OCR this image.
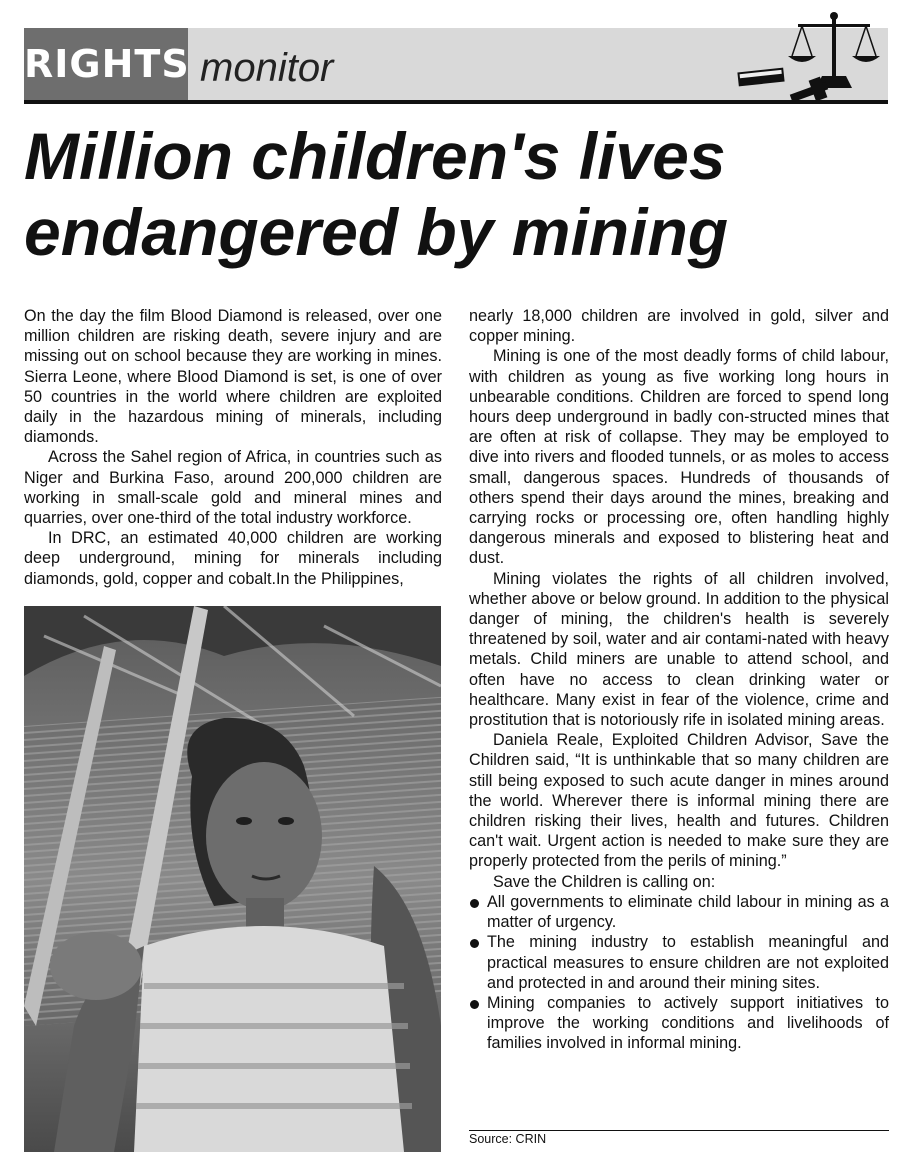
RIGHTS monitor
Million children's lives
endangered by mining

On the day the film Blood Diamond is released, over one million children are risking death, severe injury and are missing out on school because they are working in mines. Sierra Leone, where Blood Diamond is set, is one of over 50 countries in the world where children are exploited daily in the hazardous mining of minerals, including diamonds.

Across the Sahel region of Africa, in countries such as Niger and Burkina Faso, around 200,000 children are working in small-scale gold and mineral mines and quarries, over one-third of the total industry workforce.

In DRC, an estimated 40,000 children are working deep underground, mining for minerals including diamonds, gold, copper and cobalt.In the Philippines,

nearly 18,000 children are involved in gold, silver and copper mining.

Mining is one of the most deadly forms of child labour, with children as young as five working long hours in unbearable conditions. Children are forced to spend long hours deep underground in badly con-structed mines that are often at risk of collapse. They may be employed to dive into rivers and flooded tunnels, or as moles to access small, dangerous spaces. Hundreds of thousands of others spend their days around the mines, breaking and carrying rocks or processing ore, often handling highly dangerous minerals and exposed to blistering heat and dust.

Mining violates the rights of all children involved, whether above or below ground. In addition to the physical danger of mining, the children's health is severely threatened by soil, water and air contami-nated with heavy metals. Child miners are unable to attend school, and often have no access to clean drinking water or healthcare. Many exist in fear of the violence, crime and prostitution that is notoriously rife in isolated mining areas.

Daniela Reale, Exploited Children Advisor, Save the Children said, “It is unthinkable that so many children are still being exposed to such acute danger in mines around the world. Wherever there is informal mining there are children risking their lives, health and futures. Children can't wait. Urgent action is needed to make sure they are properly protected from the perils of mining.”

Save the Children is calling on:

All governments to eliminate child labour in mining as a matter of urgency.
The mining industry to establish meaningful and practical measures to ensure children are not exploited and protected in and around their mining sites.
Mining companies to actively support initiatives to improve the working conditions and livelihoods of families involved in informal mining.
Source: CRIN
